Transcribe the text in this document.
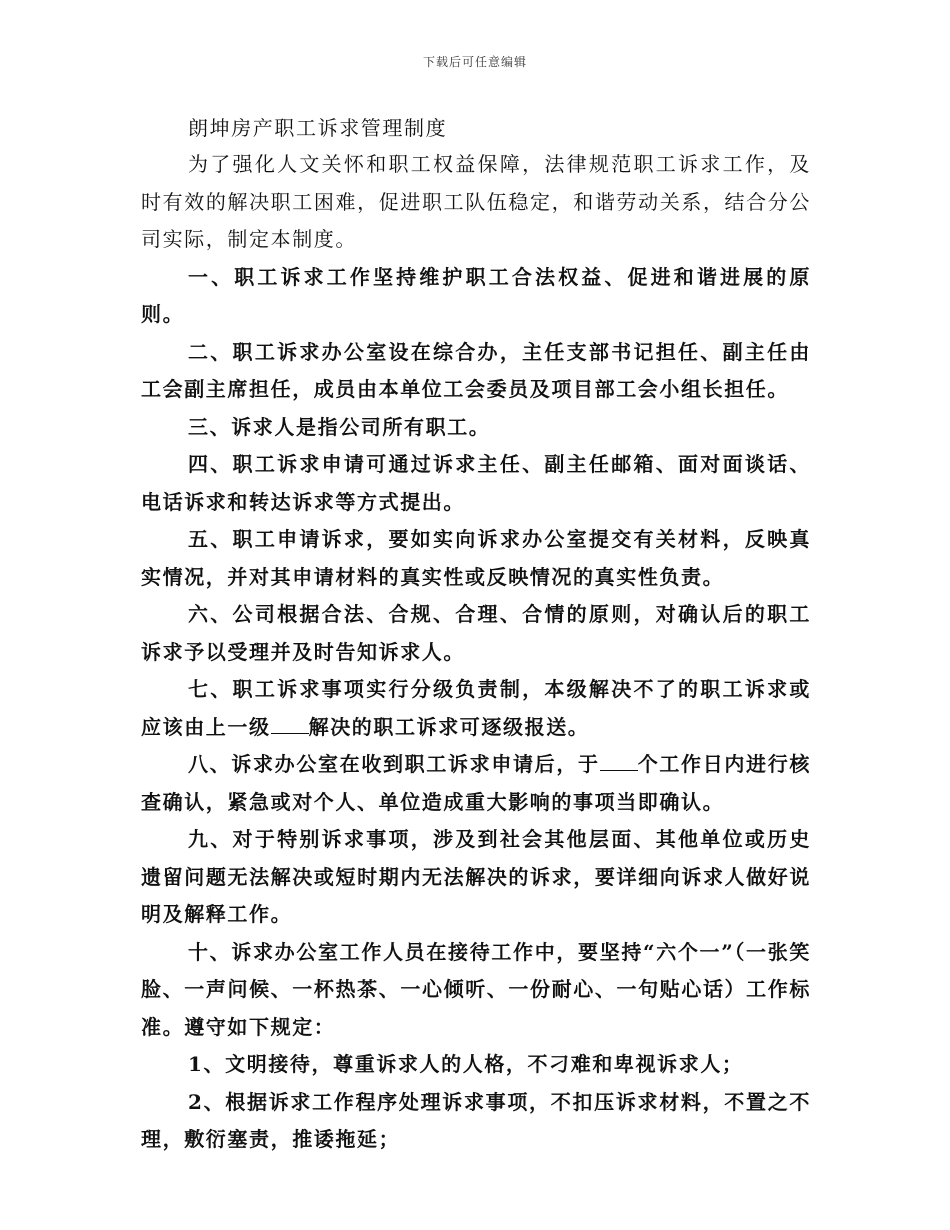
下载后可任意编辑

朗坤房产职工诉求管理制度

为了强化人文关怀和职工权益保障，法律规范职工诉求工作，及时有效的解决职工困难，促进职工队伍稳定，和谐劳动关系，结合分公司实际，制定本制度。

一、职工诉求工作坚持维护职工合法权益、促进和谐进展的原则。

二、职工诉求办公室设在综合办，主任支部书记担任、副主任由工会副主席担任，成员由本单位工会委员及项目部工会小组长担任。

三、诉求人是指公司所有职工。

四、职工诉求申请可通过诉求主任、副主任邮箱、面对面谈话、电话诉求和转达诉求等方式提出。

五、职工申请诉求，要如实向诉求办公室提交有关材料，反映真实情况，并对其申请材料的真实性或反映情况的真实性负责。

六、公司根据合法、合规、合理、合情的原则，对确认后的职工诉求予以受理并及时告知诉求人。

七、职工诉求事项实行分级负责制，本级解决不了的职工诉求或应该由上一级 解决的职工诉求可逐级报送。

八、诉求办公室在收到职工诉求申请后，于 个工作日内进行核查确认，紧急或对个人、单位造成重大影响的事项当即确认。

九、对于特别诉求事项，涉及到社会其他层面、其他单位或历史遗留问题无法解决或短时期内无法解决的诉求，要详细向诉求人做好说明及解释工作。

十、诉求办公室工作人员在接待工作中，要坚持“六个一”（一张笑脸、一声问候、一杯热茶、一心倾听、一份耐心、一句贴心话）工作标准。遵守如下规定：

1、文明接待，尊重诉求人的人格，不刁难和卑视诉求人；

2、根据诉求工作程序处理诉求事项，不扣压诉求材料，不置之不理，敷衍塞责，推诿拖延；
